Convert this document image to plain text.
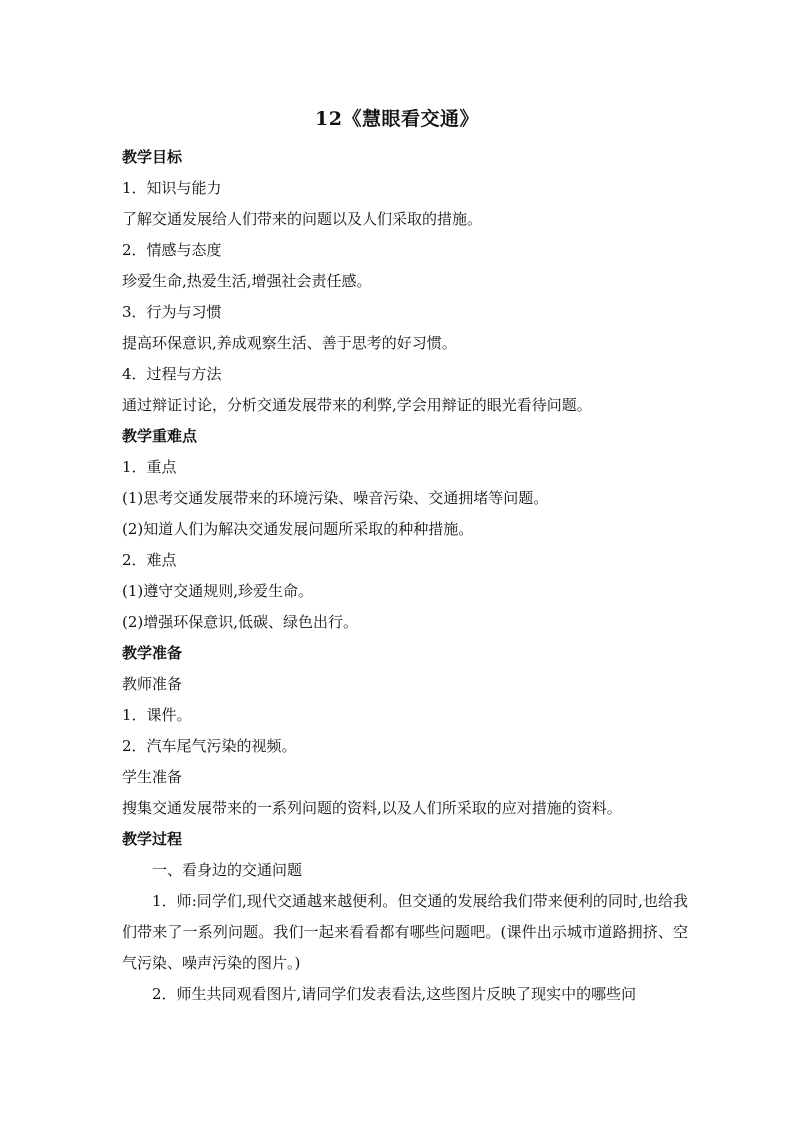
12《慧眼看交通》
教学目标
1．知识与能力
了解交通发展给人们带来的问题以及人们采取的措施。
2．情感与态度
珍爱生命,热爱生活,增强社会责任感。
3．行为与习惯
提高环保意识,养成观察生活、善于思考的好习惯。
4．过程与方法
通过辩证讨论，分析交通发展带来的利弊,学会用辩证的眼光看待问题。
教学重难点
1．重点
(1)思考交通发展带来的环境污染、噪音污染、交通拥堵等问题。
(2)知道人们为解决交通发展问题所采取的种种措施。
2．难点
(1)遵守交通规则,珍爱生命。
(2)增强环保意识,低碳、绿色出行。
教学准备
教师准备
1．课件。
2．汽车尾气污染的视频。
学生准备
搜集交通发展带来的一系列问题的资料,以及人们所采取的应对措施的资料。
教学过程
一、看身边的交通问题
1．师:同学们,现代交通越来越便利。但交通的发展给我们带来便利的同时,也给我们带来了一系列问题。我们一起来看看都有哪些问题吧。(课件出示城市道路拥挤、空气污染、噪声污染的图片。)
2．师生共同观看图片,请同学们发表看法,这些图片反映了现实中的哪些问
